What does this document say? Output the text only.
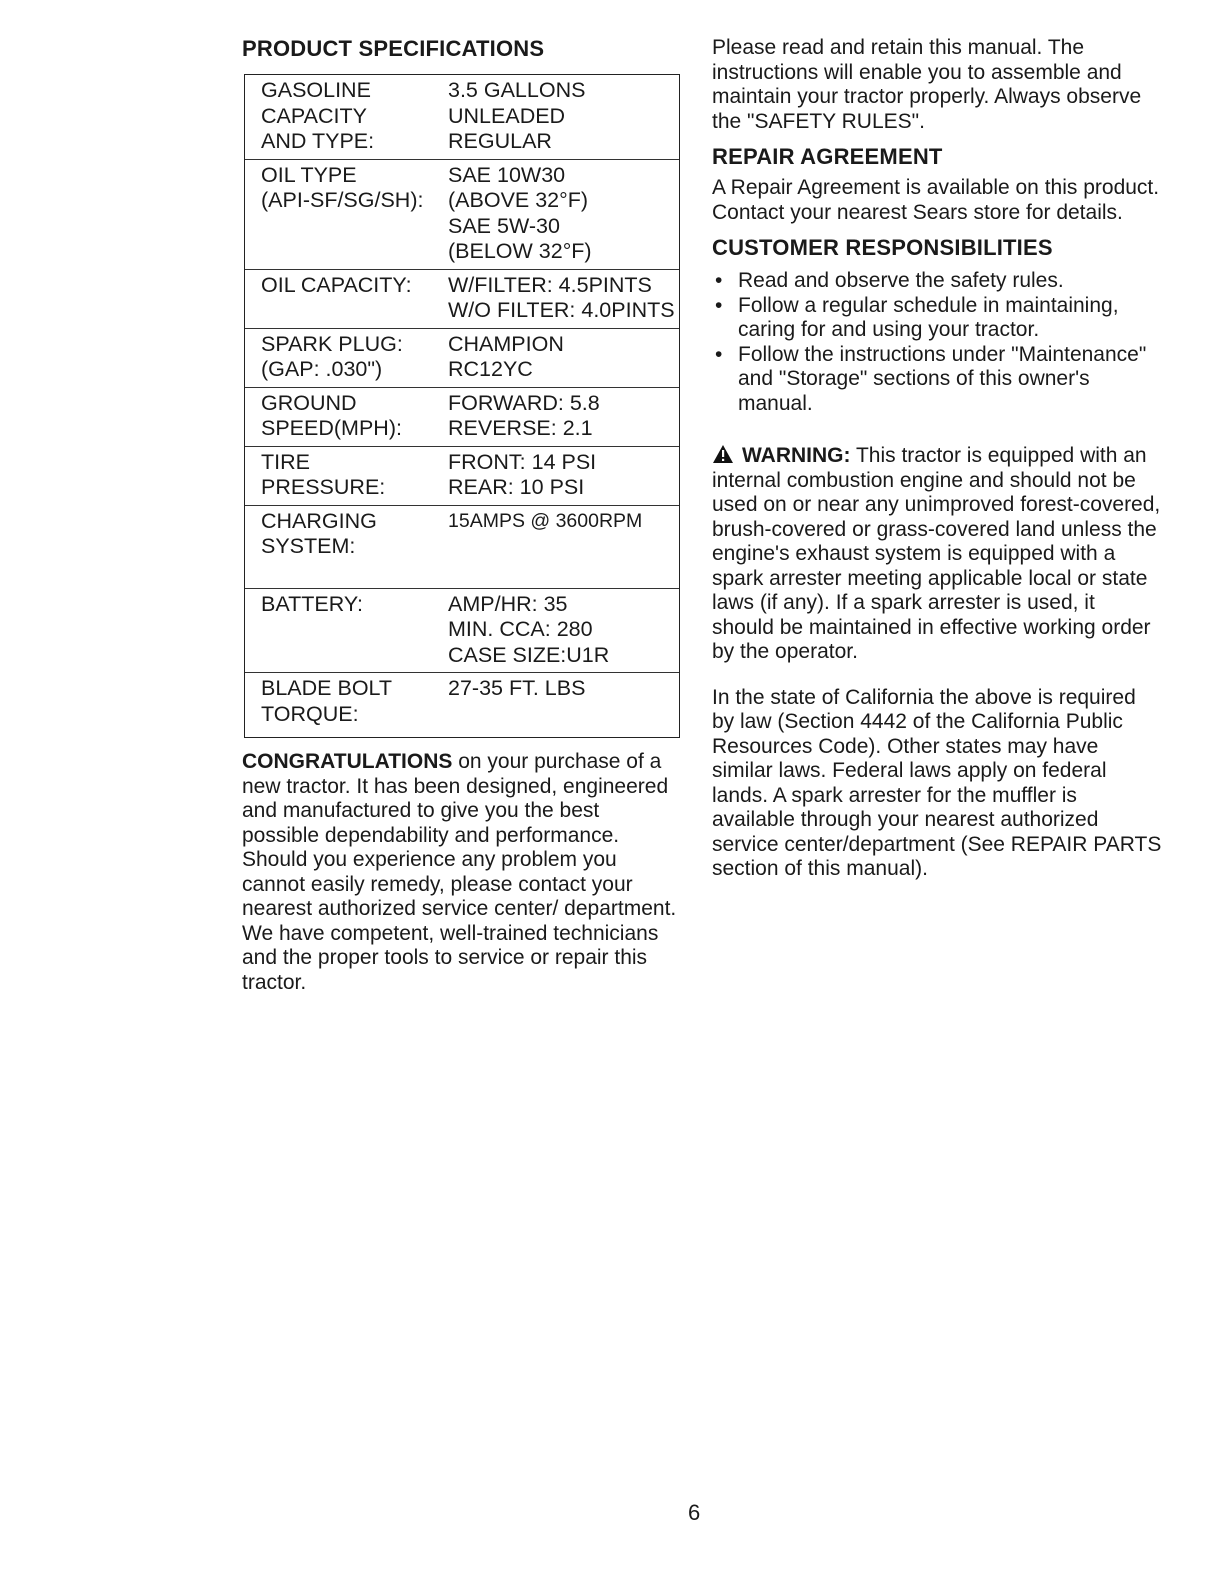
PRODUCT SPECIFICATIONS
GASOLINE
CAPACITY
AND TYPE:
3.5 GALLONS
UNLEADED
REGULAR
OIL TYPE
(API-SF/SG/SH):
SAE 10W30
(ABOVE 32°F)
SAE 5W-30
(BELOW 32°F)
OIL CAPACITY:	W/FILTER: 4.5PINTS
W/O FILTER: 4.0PINTS
SPARK PLUG:
(GAP: .030")
CHAMPION
RC12YC
GROUND
SPEED(MPH):
FORWARD: 5.8
REVERSE: 2.1
TIRE
PRESSURE:
FRONT: 14 PSI
REAR: 10 PSI
CHARGING
SYSTEM:
15AMPS @ 3600RPM
BATTERY:	AMP/HR: 35
MIN. CCA: 280
CASE SIZE:U1R
BLADE BOLT
TORQUE:
27-35 FT. LBS

CONGRATULATIONS on your purchase of a new tractor. It has been designed, engineered and manufactured to give you the best possible dependability and performance.

Should you experience any problem you cannot easily remedy, please contact your nearest authorized service center/ department. We have competent, well-trained technicians and the proper tools to service or repair this tractor.

Please read and retain this manual. The instructions will enable you to assemble and maintain your tractor properly. Always observe the "SAFETY RULES".

REPAIR AGREEMENT

A Repair Agreement is available on this product. Contact your nearest Sears store for details.

CUSTOMER RESPONSIBILITIES
• Read and observe the safety rules.
• Follow a regular schedule in maintaining, caring for and using your tractor.
• Follow the instructions under "Maintenance" and "Storage" sections of this owner's manual.

WARNING: This tractor is equipped with an internal combustion engine and should not be used on or near any unimproved forest-covered, brush-covered or grass-covered land unless the engine's exhaust system is equipped with a spark arrester meeting applicable local or state laws (if any). If a spark arrester is used, it should be maintained in effective working order by the operator.

In the state of California the above is required by law (Section 4442 of the California Public Resources Code). Other states may have similar laws. Federal laws apply on federal lands. A spark arrester for the muffler is available through your nearest authorized service center/department (See REPAIR PARTS section of this manual).

6
